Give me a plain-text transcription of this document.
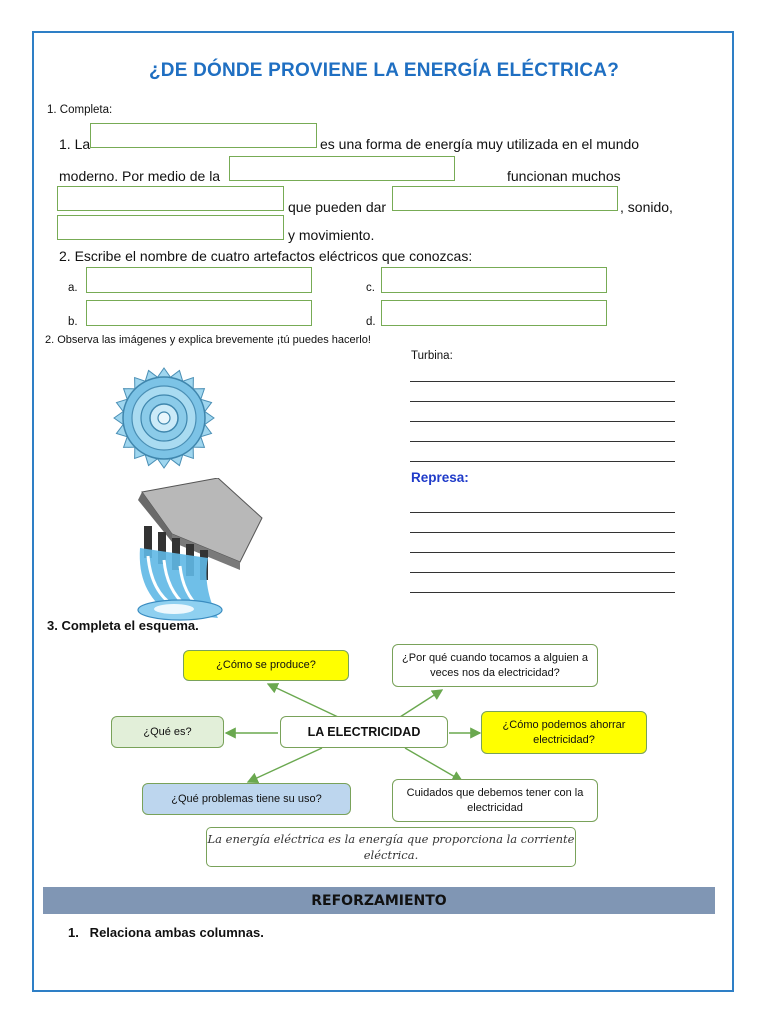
¿DE DÓNDE PROVIENE LA ENERGÍA ELÉCTRICA?
1. Completa:
1. La	es una forma de energía muy utilizada en el mundo
moderno. Por medio de la	funcionan muchos
que pueden dar	, sonido,
y movimiento.
2. Escribe el nombre de cuatro artefactos eléctricos que conozcas:
a.	c.
b.	d.
2. Observa las imágenes y explica brevemente ¡tú puedes hacerlo!
Turbina:
Represa:
3. Completa el esquema.
¿Cómo se produce?
¿Por qué cuando tocamos a alguien a veces nos da electricidad?
¿Qué es?	LA ELECTRICIDAD	¿Cómo podemos ahorrar electricidad?
¿Qué problemas tiene su uso?	Cuidados que debemos tener con la electricidad
La energía eléctrica es la energía que proporciona la corriente eléctrica.
REFORZAMIENTO
1.   Relaciona ambas columnas.
